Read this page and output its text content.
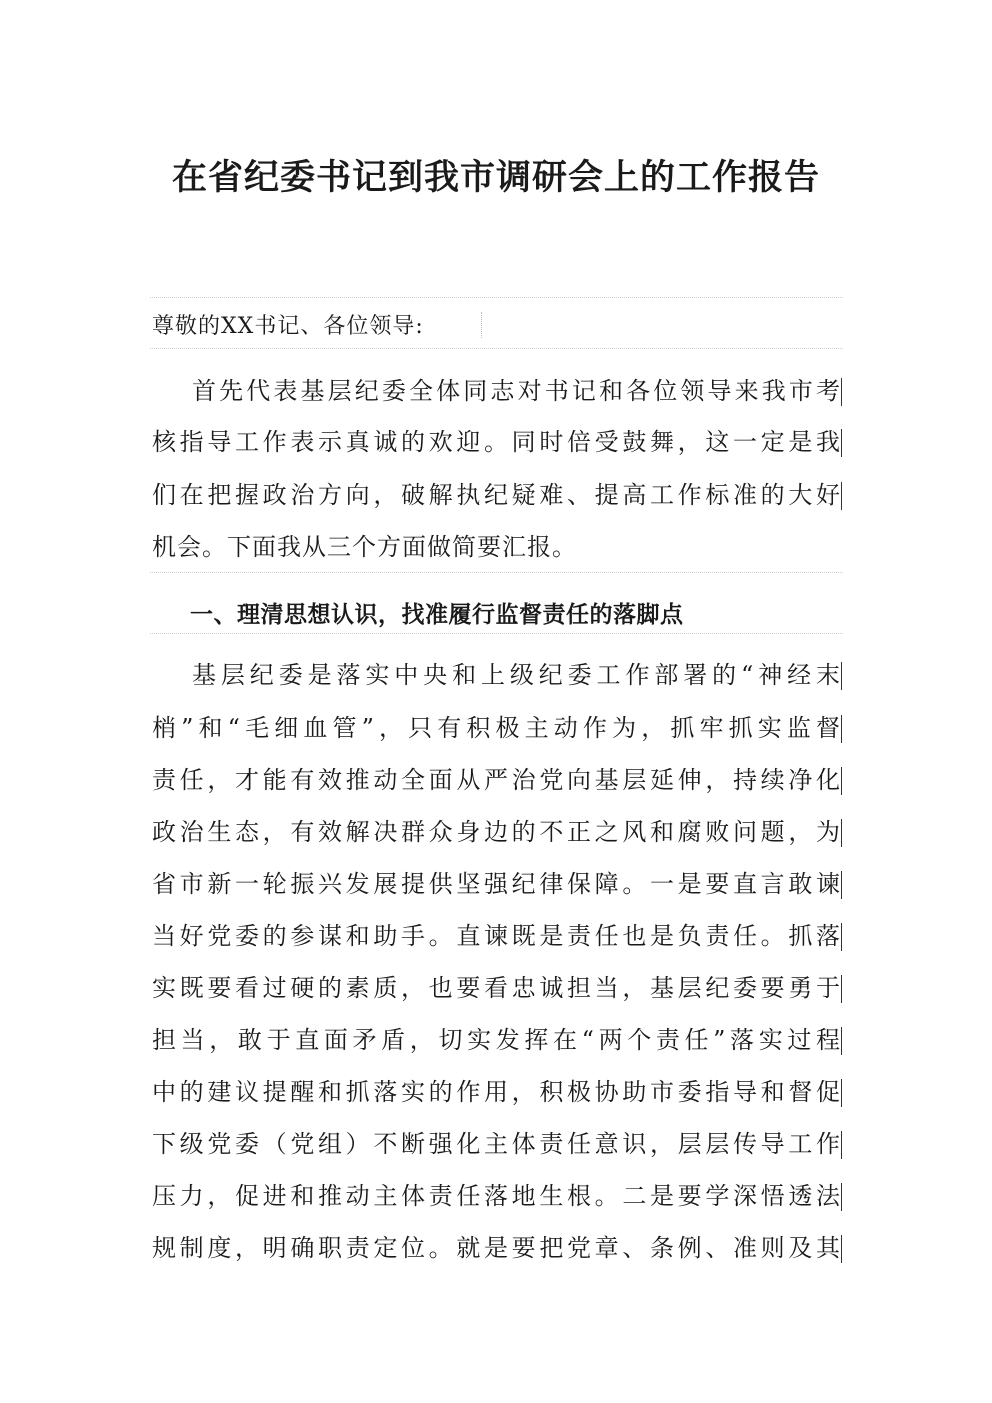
在省纪委书记到我市调研会上的工作报告
尊敬的XX书记、各位领导:
首先代表基层纪委全体同志对书记和各位领导来我市考
核指导工作表示真诚的欢迎。同时倍受鼓舞，这一定是我
们在把握政治方向，破解执纪疑难、提高工作标准的大好
机会。下面我从三个方面做简要汇报。
一、理清思想认识，找准履行监督责任的落脚点
基层纪委是落实中央和上级纪委工作部署的“神经末
梢”和“毛细血管”，只有积极主动作为，抓牢抓实监督
责任，才能有效推动全面从严治党向基层延伸，持续净化
政治生态，有效解决群众身边的不正之风和腐败问题，为
省市新一轮振兴发展提供坚强纪律保障。一是要直言敢谏
当好党委的参谋和助手。直谏既是责任也是负责任。抓落
实既要看过硬的素质，也要看忠诚担当，基层纪委要勇于
担当，敢于直面矛盾，切实发挥在“两个责任”落实过程
中的建议提醒和抓落实的作用，积极协助市委指导和督促
下级党委（党组）不断强化主体责任意识，层层传导工作
压力，促进和推动主体责任落地生根。二是要学深悟透法
规制度，明确职责定位。就是要把党章、条例、准则及其
